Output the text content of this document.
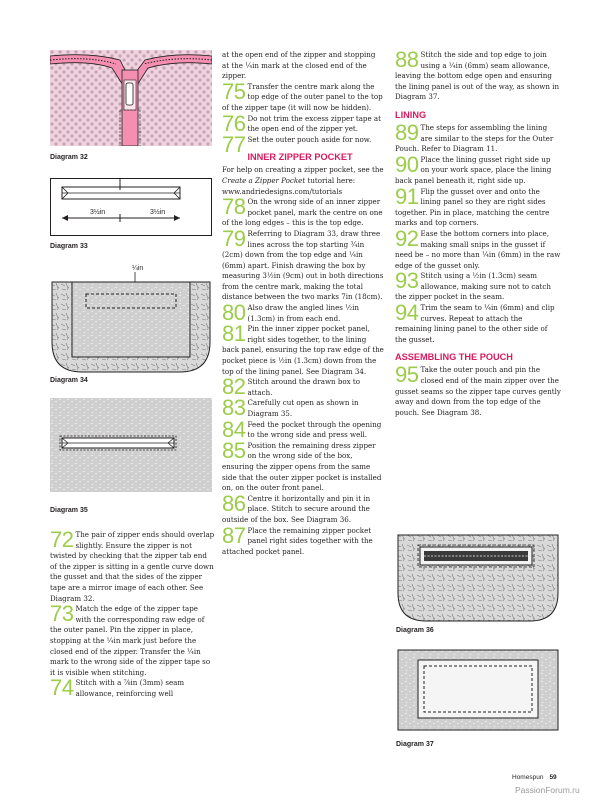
Diagram 32
3½in	3½in
Diagram 33
¼in
Diagram 34
Diagram 35
72 The pair of zipper ends should overlap slightly. Ensure the zipper is not twisted by checking that the zipper tab end of the zipper is sitting in a gentle curve down the gusset and that the sides of the zipper tape are a mirror image of each other. See Diagram 32.
73 Match the edge of the zipper tape with the corresponding raw edge of the outer panel. Pin the zipper in place, stopping at the ¼in mark just before the closed end of the zipper. Transfer the ¼in mark to the wrong side of the zipper tape so it is visible when stitching.
74 Stitch with a ⅞in (3mm) seam allowance, reinforcing well

at the open end of the zipper and stopping at the ¼in mark at the closed end of the zipper.

75 Transfer the centre mark along the top edge of the outer panel to the top of the zipper tape (it will now be hidden).
76 Do not trim the excess zipper tape at the open end of the zipper yet.
77 Set the outer pouch aside for now.
INNER ZIPPER POCKET

For help on creating a zipper pocket, see the Create a Zipper Pocket tutorial here: www.andriedesigns.com/tutorials

78 On the wrong side of an inner zipper pocket panel, mark the centre on one of the long edges – this is the top edge.
79 Referring to Diagram 33, draw three lines across the top starting ¾in (2cm) down from the top edge and ¼in (6mm) apart. Finish drawing the box by measuring 3½in (9cm) out in both directions from the centre mark, making the total distance between the two marks 7in (18cm).
80 Also draw the angled lines ½in (1.3cm) in from each end.
81 Pin the inner zipper pocket panel, right sides together, to the lining back panel, ensuring the top raw edge of the pocket piece is ½in (1.3cm) down from the top of the lining panel. See Diagram 34.
82 Stitch around the drawn box to attach.
83 Carefully cut open as shown in Diagram 35.
84 Feed the pocket through the opening to the wrong side and press well.
85 Position the remaining dress zipper on the wrong side of the box, ensuring the zipper opens from the same side that the outer zipper pocket is installed on, on the outer front panel.
86 Centre it horizontally and pin it in place. Stitch to secure around the outside of the box. See Diagram 36.
87 Place the remaining zipper pocket panel right sides together with the attached pocket panel.
88 Stitch the side and top edge to join using a ¼in (6mm) seam allowance, leaving the bottom edge open and ensuring the lining panel is out of the way, as shown in Diagram 37.
LINING
89 The steps for assembling the lining are similar to the steps for the Outer Pouch. Refer to Diagram 11.
90 Place the lining gusset right side up on your work space, place the lining back panel beneath it, right side up.
91 Flip the gusset over and onto the lining panel so they are right sides together. Pin in place, matching the centre marks and top corners.
92 Ease the bottom corners into place, making small snips in the gusset if need be – no more than ¼in (6mm) in the raw edge of the gusset only.
93 Stitch using a ½in (1.3cm) seam allowance, making sure not to catch the zipper pocket in the seam.
94 Trim the seam to ¼in (6mm) and clip curves. Repeat to attach the remaining lining panel to the other side of the gusset.
ASSEMBLING THE POUCH
95 Take the outer pouch and pin the closed end of the main zipper over the gusset seams so the zipper tape curves gently away and down from the top edge of the pouch. See Diagram 38.
Diagram 36
Diagram 37
Homespun 59
PassionForum.ru
